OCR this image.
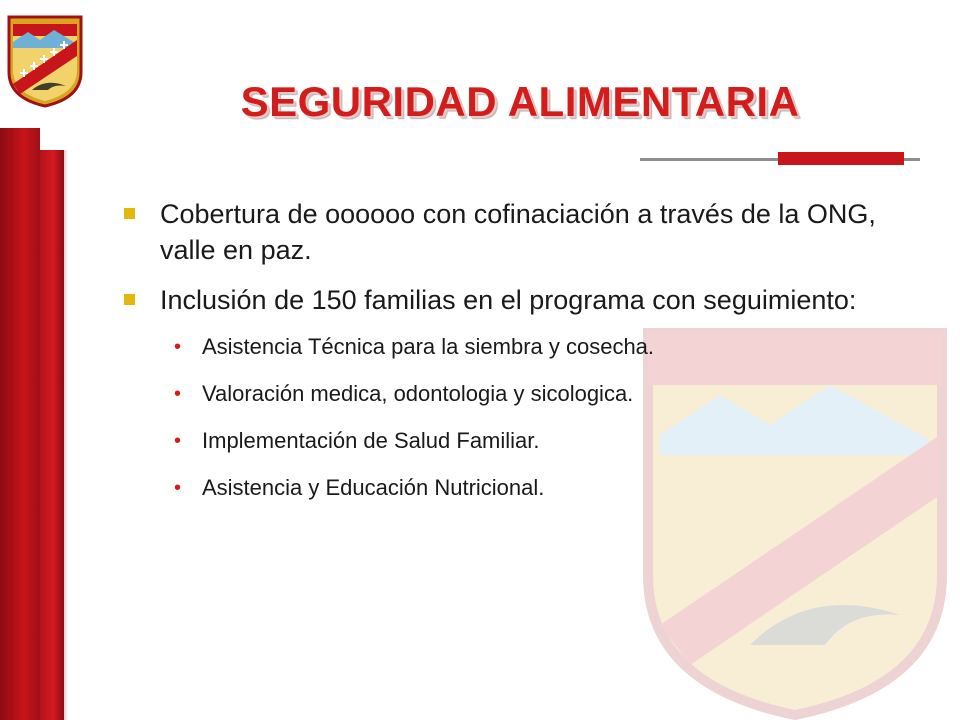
SEGURIDAD ALIMENTARIA
Cobertura de oooooo con cofinaciación a través de la ONG, valle en paz.
Inclusión de 150 familias en el programa con seguimiento:
• Asistencia Técnica para la siembra y cosecha.
• Valoración medica, odontologia y sicologica.
• Implementación de Salud Familiar.
• Asistencia y Educación Nutricional.
